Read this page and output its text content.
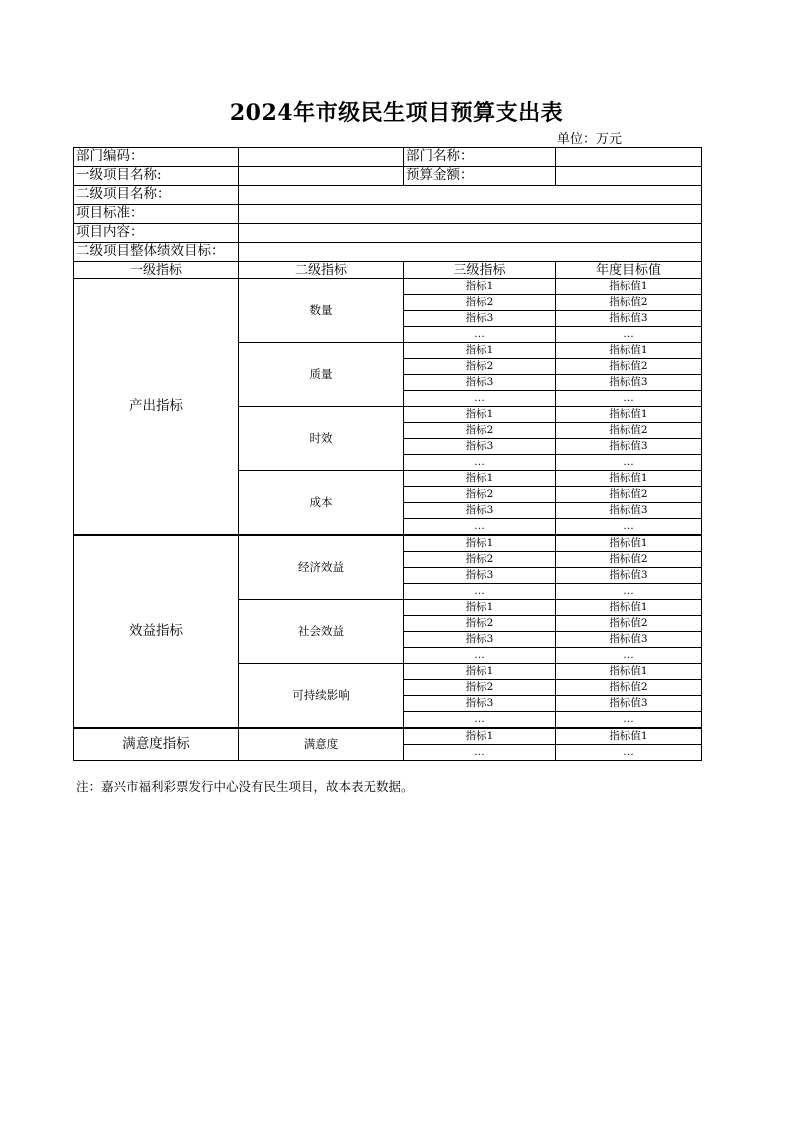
2024年市级民生项目预算支出表
单位：万元
部门编码：		部门名称：	
一级项目名称:		预算金额：	
二级项目名称：			
项目标准：			
项目内容：			
二级项目整体绩效目标：			
一级指标	二级指标	三级指标	年度目标值
产出指标	数量	指标1	指标值1
		指标2	指标值2
		指标3	指标值3
		…	…
	质量	指标1	指标值1
		指标2	指标值2
		指标3	指标值3
		…	…
	时效	指标1	指标值1
		指标2	指标值2
		指标3	指标值3
		…	…
	成本	指标1	指标值1
		指标2	指标值2
		指标3	指标值3
		…	…
效益指标	经济效益	指标1	指标值1
		指标2	指标值2
		指标3	指标值3
		…	…
	社会效益	指标1	指标值1
		指标2	指标值2
		指标3	指标值3
		…	…
	可持续影响	指标1	指标值1
		指标2	指标值2
		指标3	指标值3
		…	…
满意度指标	满意度	指标1	指标值1
		…	…
注：嘉兴市福利彩票发行中心没有民生项目，故本表无数据。
